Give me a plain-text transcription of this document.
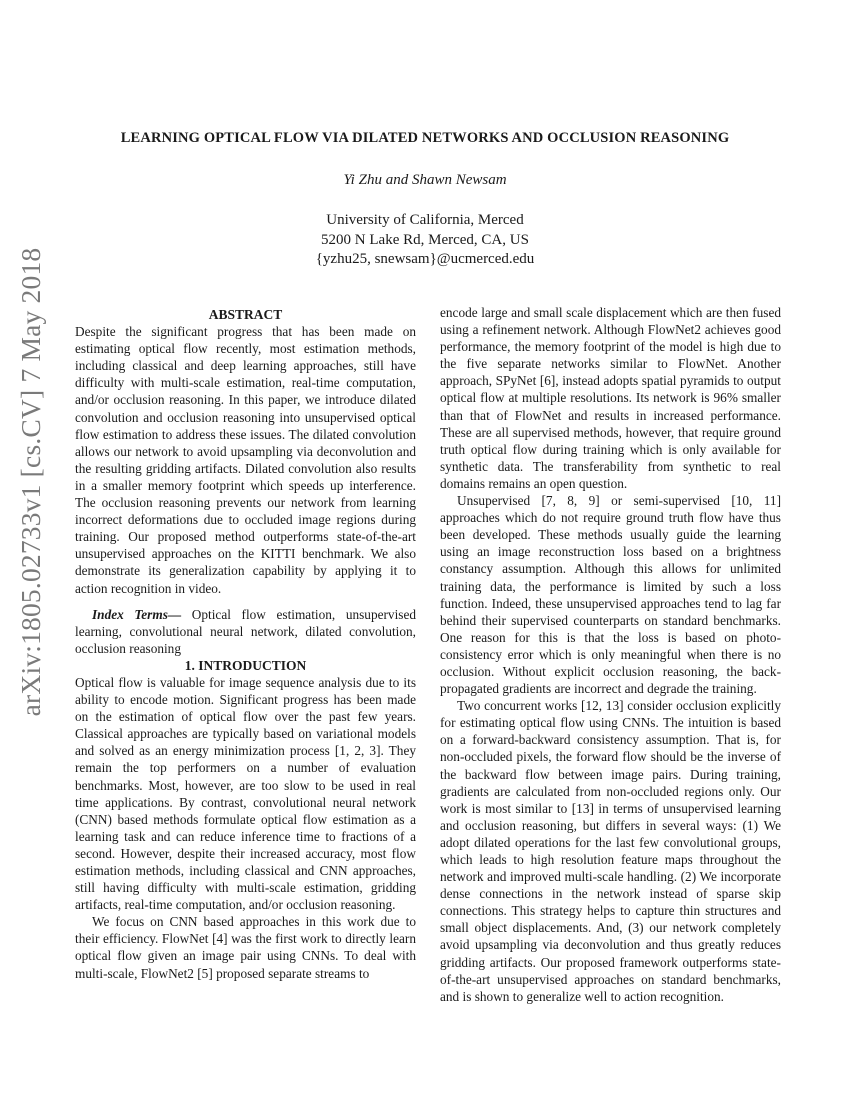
arXiv:1805.02733v1 [cs.CV] 7 May 2018
LEARNING OPTICAL FLOW VIA DILATED NETWORKS AND OCCLUSION REASONING
Yi Zhu and Shawn Newsam
University of California, Merced
5200 N Lake Rd, Merced, CA, US
{yzhu25, snewsam}@ucmerced.edu

ABSTRACT

Despite the significant progress that has been made on estimating optical flow recently, most estimation methods, including classical and deep learning approaches, still have difficulty with multi-scale estimation, real-time computation, and/or occlusion reasoning. In this paper, we introduce dilated convolution and occlusion reasoning into unsupervised optical flow estimation to address these issues. The dilated convolution allows our network to avoid upsampling via deconvolution and the resulting gridding artifacts. Dilated convolution also results in a smaller memory footprint which speeds up interference. The occlusion reasoning prevents our network from learning incorrect deformations due to occluded image regions during training. Our proposed method outperforms state-of-the-art unsupervised approaches on the KITTI benchmark. We also demonstrate its generalization capability by applying it to action recognition in video.

Index Terms— Optical flow estimation, unsupervised learning, convolutional neural network, dilated convolution, occlusion reasoning

1. INTRODUCTION

Optical flow is valuable for image sequence analysis due to its ability to encode motion. Significant progress has been made on the estimation of optical flow over the past few years. Classical approaches are typically based on variational models and solved as an energy minimization process [1, 2, 3]. They remain the top performers on a number of evaluation benchmarks. Most, however, are too slow to be used in real time applications. By contrast, convolutional neural network (CNN) based methods formulate optical flow estimation as a learning task and can reduce inference time to fractions of a second. However, despite their increased accuracy, most flow estimation methods, including classical and CNN approaches, still having difficulty with multi-scale estimation, gridding artifacts, real-time computation, and/or occlusion reasoning.

We focus on CNN based approaches in this work due to their efficiency. FlowNet [4] was the first work to directly learn optical flow given an image pair using CNNs. To deal with multi-scale, FlowNet2 [5] proposed separate streams to

encode large and small scale displacement which are then fused using a refinement network. Although FlowNet2 achieves good performance, the memory footprint of the model is high due to the five separate networks similar to FlowNet. Another approach, SPyNet [6], instead adopts spatial pyramids to output optical flow at multiple resolutions. Its network is 96% smaller than that of FlowNet and results in increased performance. These are all supervised methods, however, that require ground truth optical flow during training which is only available for synthetic data. The transferability from synthetic to real domains remains an open question.

Unsupervised [7, 8, 9] or semi-supervised [10, 11] approaches which do not require ground truth flow have thus been developed. These methods usually guide the learning using an image reconstruction loss based on a brightness constancy assumption. Although this allows for unlimited training data, the performance is limited by such a loss function. Indeed, these unsupervised approaches tend to lag far behind their supervised counterparts on standard benchmarks. One reason for this is that the loss is based on photo-consistency error which is only meaningful when there is no occlusion. Without explicit occlusion reasoning, the back-propagated gradients are incorrect and degrade the training.

Two concurrent works [12, 13] consider occlusion explicitly for estimating optical flow using CNNs. The intuition is based on a forward-backward consistency assumption. That is, for non-occluded pixels, the forward flow should be the inverse of the backward flow between image pairs. During training, gradients are calculated from non-occluded regions only. Our work is most similar to [13] in terms of unsupervised learning and occlusion reasoning, but differs in several ways: (1) We adopt dilated operations for the last few convolutional groups, which leads to high resolution feature maps throughout the network and improved multi-scale handling. (2) We incorporate dense connections in the network instead of sparse skip connections. This strategy helps to capture thin structures and small object displacements. And, (3) our network completely avoid upsampling via deconvolution and thus greatly reduces gridding artifacts. Our proposed framework outperforms state-of-the-art unsupervised approaches on standard benchmarks, and is shown to generalize well to action recognition.
